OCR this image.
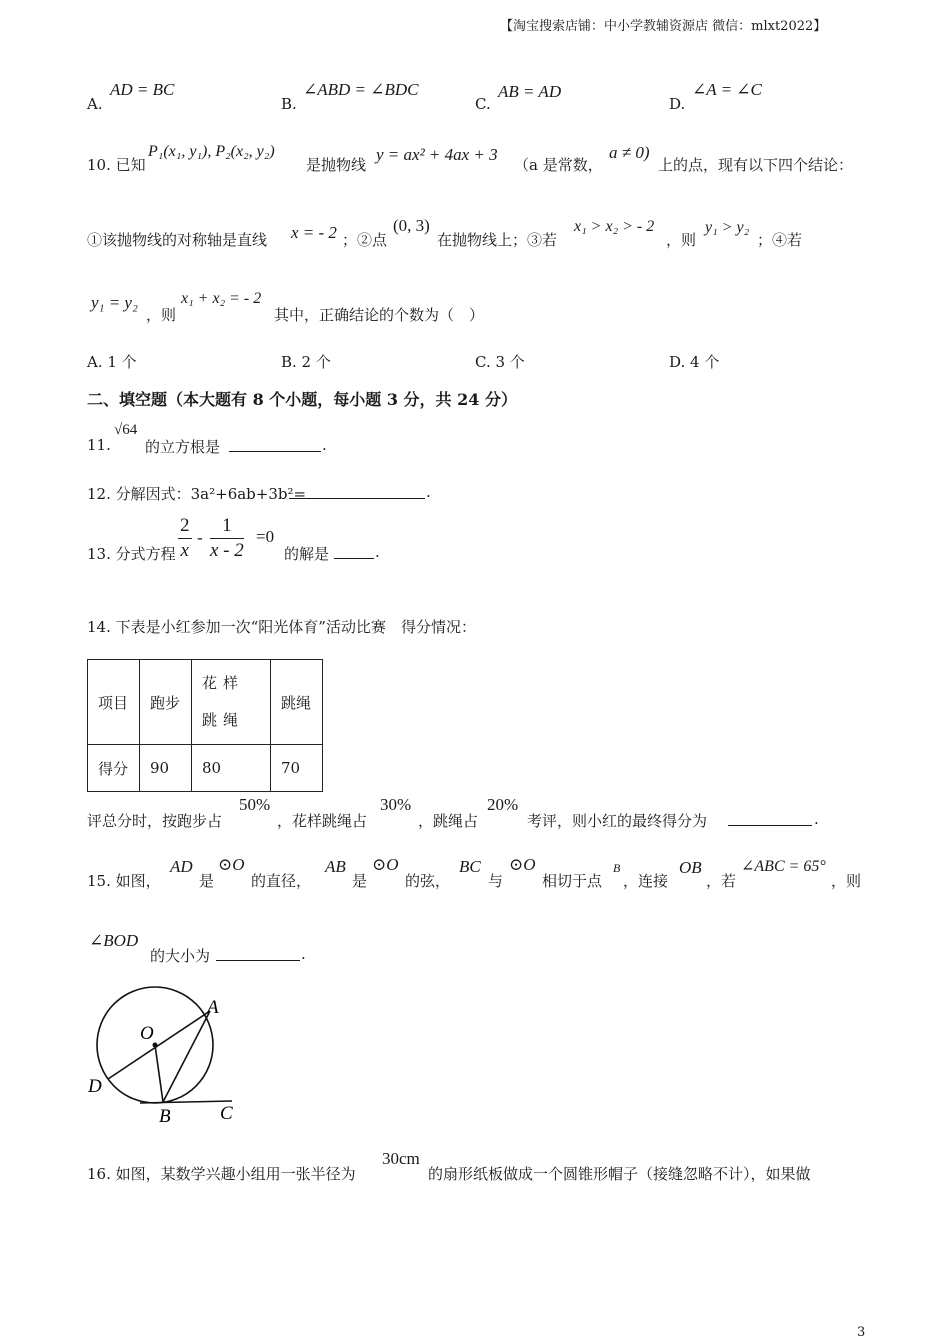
【淘宝搜索店铺：中小学教辅资源店 微信：mlxt2022】
A.
AD = BC
B.
∠ABD = ∠BDC
C.
AB = AD
D.
∠A = ∠C
10. 已知
P₁(x₁, y₁), P₂(x₂, y₂)
是抛物线
y = ax² + 4ax + 3
（a 是常数，
a ≠ 0)
上的点，现有以下四个结论：
①该抛物线的对称轴是直线 x = - 2 ；②点
(0, 3)
在抛物线上；③若
x₁ > x₂ > - 2
，则
y₁ > y₂
；④若
y₁ = y₂
，则
x₁ + x₂ = - 2
其中，正确结论的个数为（　）
A. 1 个	B. 2 个	C. 3 个	D. 4 个
二、填空题（本大题有 8 个小题，每小题 3 分，共 24 分）
11.
√64
的立方根是	.
12. 分解因式：3a²+6ab+3b²=	.
13. 分式方程 $\frac{2}{x} - \frac{1}{x - 2} =0$
的解是	.
14. 下表是小红参加一次“阳光体育”活动比赛　得分情况：
项目	跑步	花样跳绳	跳绳
得分	90	80	70
评总分时，按跑步占
50%
，花样跳绳占
30%
，跳绳占
20%
考评，则小红的最终得分为	.
15. 如图，
AD
是
⊙O
的直径，
AB
是
⊙O
的弦，
BC
与
⊙O
相切于点
B
，连接
OB
，若
∠ABC = 65°
，则
∠BOD
的大小为	.
A
O
D
B	C
16. 如图，某数学兴趣小组用一张半径为
30cm
的扇形纸板做成一个圆锥形帽子（接缝忽略不计），如果做
3
